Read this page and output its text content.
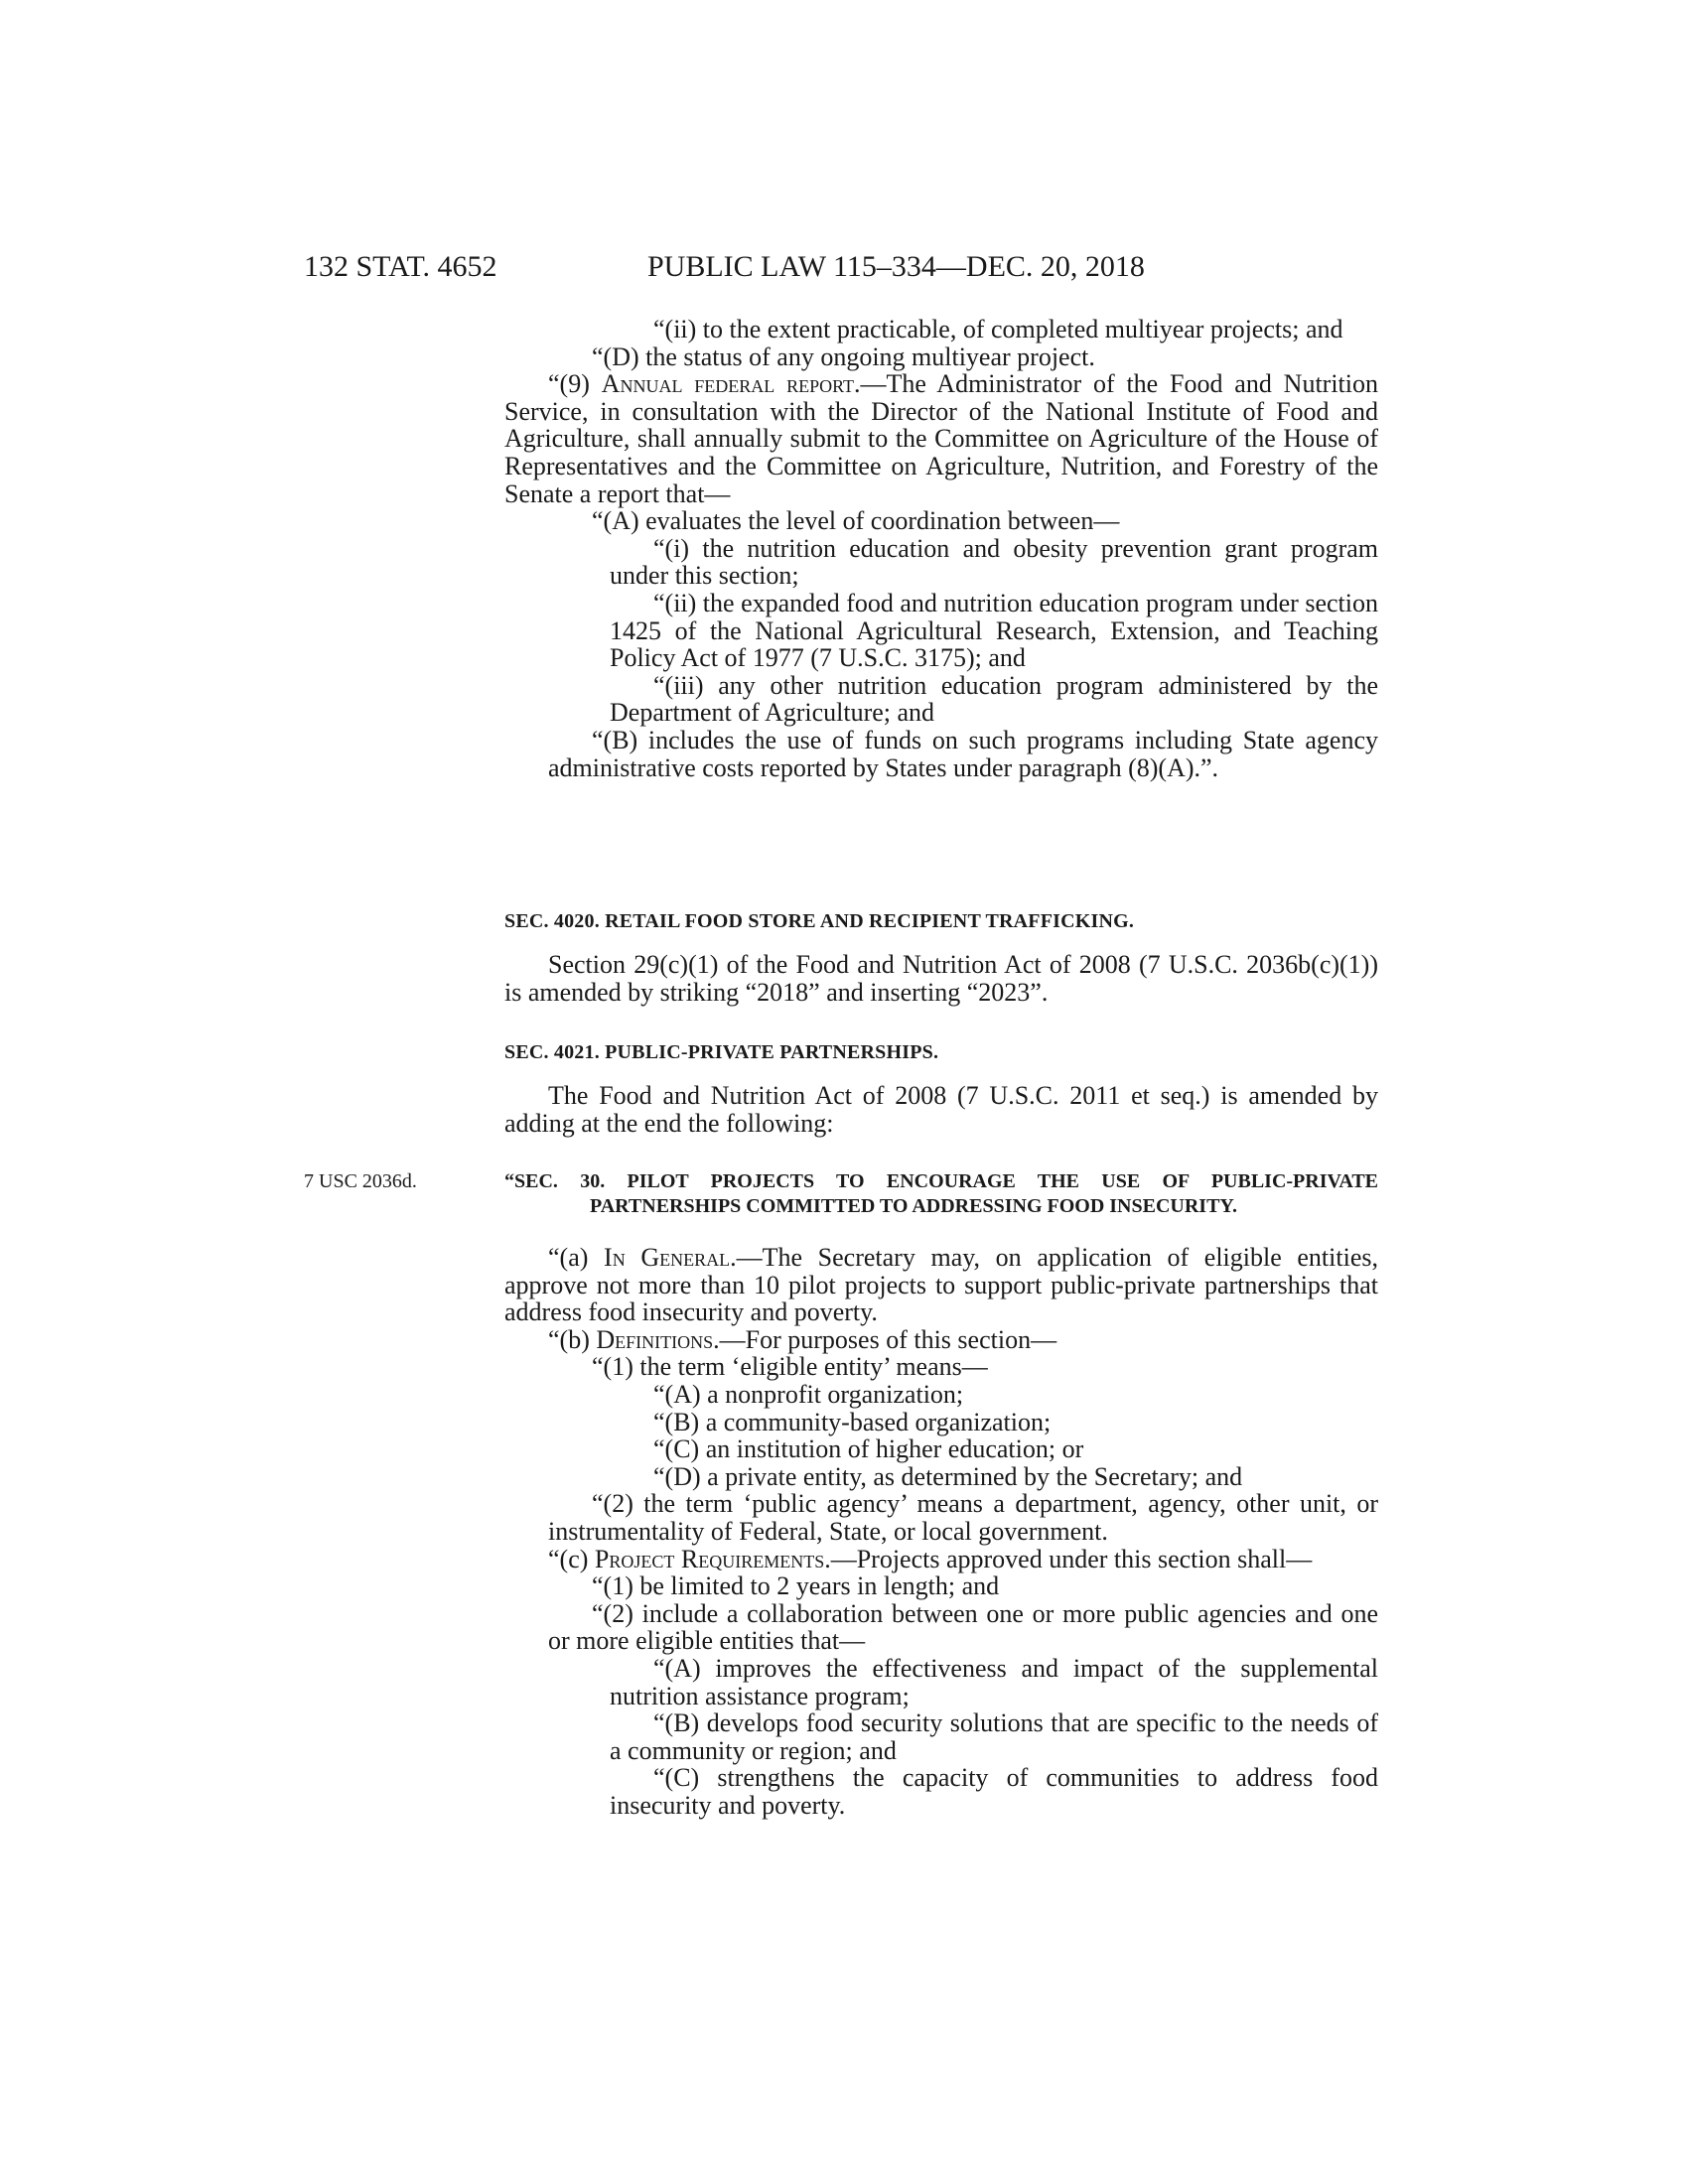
132 STAT. 4652	PUBLIC LAW 115–334—DEC. 20, 2018

“(ii) to the extent practicable, of completed multiyear projects; and

“(D) the status of any ongoing multiyear project.

“(9) Annual federal report.—The Administrator of the Food and Nutrition Service, in consultation with the Director of the National Institute of Food and Agriculture, shall annually submit to the Committee on Agriculture of the House of Representatives and the Committee on Agriculture, Nutrition, and Forestry of the Senate a report that—

“(A) evaluates the level of coordination between—

“(i) the nutrition education and obesity prevention grant program under this section;

“(ii) the expanded food and nutrition education program under section 1425 of the National Agricultural Research, Extension, and Teaching Policy Act of 1977 (7 U.S.C. 3175); and

“(iii) any other nutrition education program administered by the Department of Agriculture; and

“(B) includes the use of funds on such programs including State agency administrative costs reported by States under paragraph (8)(A).”.

SEC. 4020. RETAIL FOOD STORE AND RECIPIENT TRAFFICKING.

Section 29(c)(1) of the Food and Nutrition Act of 2008 (7 U.S.C. 2036b(c)(1)) is amended by striking “2018” and inserting “2023”.

SEC. 4021. PUBLIC-PRIVATE PARTNERSHIPS.

The Food and Nutrition Act of 2008 (7 U.S.C. 2011 et seq.) is amended by adding at the end the following:

7 USC 2036d.	“SEC. 30. PILOT PROJECTS TO ENCOURAGE THE USE OF PUBLIC-PRIVATE PARTNERSHIPS COMMITTED TO ADDRESSING FOOD INSECURITY.

“(a) In General.—The Secretary may, on application of eligible entities, approve not more than 10 pilot projects to support public-private partnerships that address food insecurity and poverty.

“(b) Definitions.—For purposes of this section—

“(1) the term ‘eligible entity’ means—

“(A) a nonprofit organization;

“(B) a community-based organization;

“(C) an institution of higher education; or

“(D) a private entity, as determined by the Secretary; and

“(2) the term ‘public agency’ means a department, agency, other unit, or instrumentality of Federal, State, or local government.

“(c) Project Requirements.—Projects approved under this section shall—

“(1) be limited to 2 years in length; and

“(2) include a collaboration between one or more public agencies and one or more eligible entities that—

“(A) improves the effectiveness and impact of the supplemental nutrition assistance program;

“(B) develops food security solutions that are specific to the needs of a community or region; and

“(C) strengthens the capacity of communities to address food insecurity and poverty.
